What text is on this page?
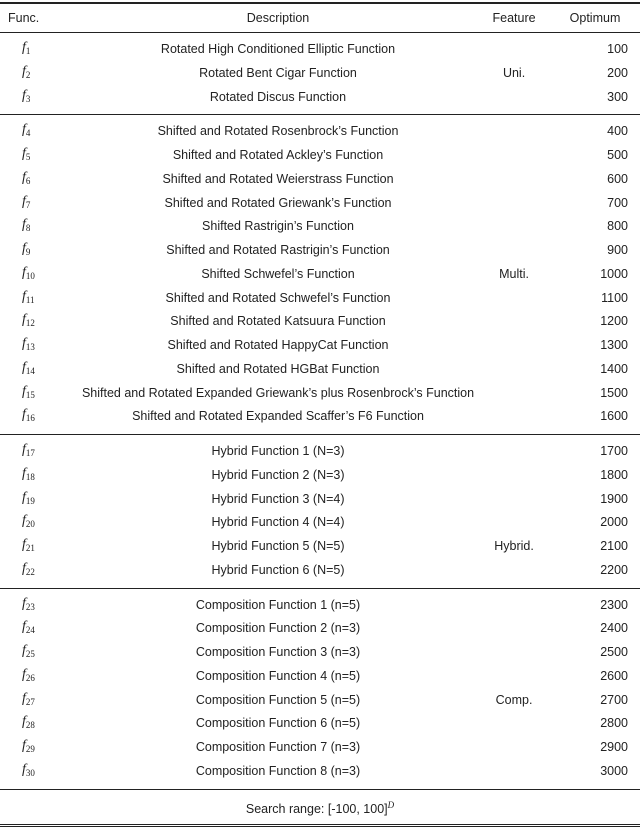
Func.	Description	Feature	Optimum

$f_1$	Rotated High Conditioned Elliptic Function		100
$f_2$	Rotated Bent Cigar Function	Uni.	200
$f_3$	Rotated Discus Function		300

$f_4$	Shifted and Rotated Rosenbrock’s Function		400
$f_5$	Shifted and Rotated Ackley’s Function		500
$f_6$	Shifted and Rotated Weierstrass Function		600
$f_7$	Shifted and Rotated Griewank’s Function		700
$f_8$	Shifted Rastrigin’s Function		800
$f_9$	Shifted and Rotated Rastrigin’s Function		900
$f_{10}$	Shifted Schwefel’s Function	Multi.	1000
$f_{11}$	Shifted and Rotated Schwefel’s Function		1100
$f_{12}$	Shifted and Rotated Katsuura Function		1200
$f_{13}$	Shifted and Rotated HappyCat Function		1300
$f_{14}$	Shifted and Rotated HGBat Function		1400
$f_{15}$	Shifted and Rotated Expanded Griewank’s plus Rosenbrock’s Function		1500
$f_{16}$	Shifted and Rotated Expanded Scaffer’s F6 Function		1600

$f_{17}$	Hybrid Function 1 (N=3)		1700
$f_{18}$	Hybrid Function 2 (N=3)		1800
$f_{19}$	Hybrid Function 3 (N=4)		1900
$f_{20}$	Hybrid Function 4 (N=4)		2000
$f_{21}$	Hybrid Function 5 (N=5)	Hybrid.	2100
$f_{22}$	Hybrid Function 6 (N=5)		2200

$f_{23}$	Composition Function 1 (n=5)		2300
$f_{24}$	Composition Function 2 (n=3)		2400
$f_{25}$	Composition Function 3 (n=3)		2500
$f_{26}$	Composition Function 4 (n=5)		2600
$f_{27}$	Composition Function 5 (n=5)	Comp.	2700
$f_{28}$	Composition Function 6 (n=5)		2800
$f_{29}$	Composition Function 7 (n=3)		2900
$f_{30}$	Composition Function 8 (n=3)		3000

Search range: [-100, 100]$^D$
